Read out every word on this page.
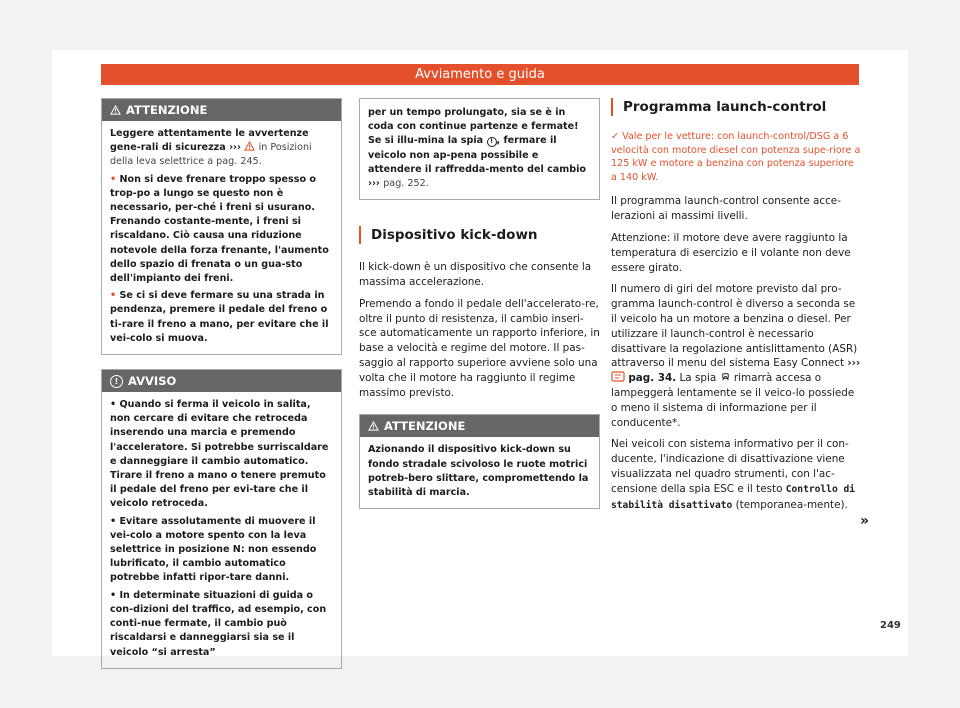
Avviamento e guida
ATTENZIONE

Leggere attentamente le avvertenze gene-rali di sicurezza ››› in Posizioni della leva selettrice a pag. 245.

• Non si deve frenare troppo spesso o trop-po a lungo se questo non è necessario, per-ché i freni si usurano. Frenando costante-mente, i freni si riscaldano. Ciò causa una riduzione notevole della forza frenante, l'aumento dello spazio di frenata o un gua-sto dell'impianto dei freni.

• Se ci si deve fermare su una strada in pendenza, premere il pedale del freno o ti-rare il freno a mano, per evitare che il vei-colo si muova.

! AVVISO

• Quando si ferma il veicolo in salita, non cercare di evitare che retroceda inserendo una marcia e premendo l'acceleratore. Si potrebbe surriscaldare e danneggiare il cambio automatico. Tirare il freno a mano o tenere premuto il pedale del freno per evi-tare che il veicolo retroceda.

• Evitare assolutamente di muovere il vei-colo a motore spento con la leva selettrice in posizione N: non essendo lubrificato, il cambio automatico potrebbe infatti ripor-tare danni.

• In determinate situazioni di guida o con-dizioni del traffico, ad esempio, con conti-nue fermate, il cambio può riscaldarsi e danneggiarsi sia se il veicolo “si arresta”

per un tempo prolungato, sia se è in coda con continue partenze e fermate! Se si illu-mina la spia ! , fermare il veicolo non ap-pena possibile e attendere il raffredda-mento del cambio ››› pag. 252.

Dispositivo kick-down

Il kick-down è un dispositivo che consente la massima accelerazione.

Premendo a fondo il pedale dell'accelerato-re, oltre il punto di resistenza, il cambio inseri-sce automaticamente un rapporto inferiore, in base a velocità e regime del motore. Il pas-saggio al rapporto superiore avviene solo una volta che il motore ha raggiunto il regime massimo previsto.

ATTENZIONE

Azionando il dispositivo kick-down su fondo stradale scivoloso le ruote motrici potreb-bero slittare, compromettendo la stabilità di marcia.

Programma launch-control

✓ Vale per le vetture: con launch-control/DSG a 6 velocità con motore diesel con potenza supe-riore a 125 kW e motore a benzina con potenza superiore a 140 kW.

Il programma launch-control consente acce-lerazioni ai massimi livelli.

Attenzione: il motore deve avere raggiunto la temperatura di esercizio e il volante non deve essere girato.

Il numero di giri del motore previsto dal pro-gramma launch-control è diverso a seconda se il veicolo ha un motore a benzina o diesel. Per utilizzare il launch-control è necessario disattivare la regolazione antislittamento (ASR) attraverso il menu del sistema Easy Connect ›››  pag. 34. La spia rimarrà accesa o lampeggerà lentamente se il veico-lo possiede o meno il sistema di informazione per il conducente*.

Nei veicoli con sistema informativo per il con-ducente, l'indicazione di disattivazione viene visualizzata nel quadro strumenti, con l'ac-censione della spia ESC e il testo Controllo di stabilità disattivato (temporanea-mente).

»
249
